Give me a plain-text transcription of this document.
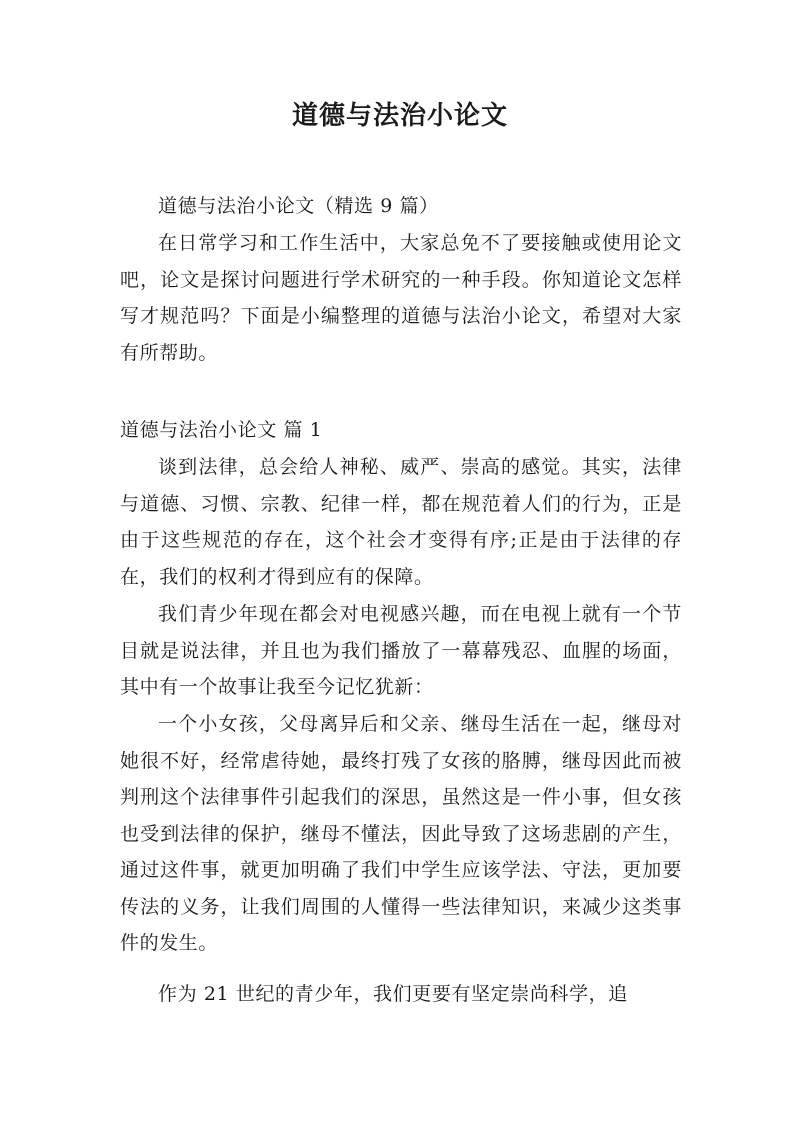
道德与法治小论文

道德与法治小论文（精选 9 篇）

在日常学习和工作生活中，大家总免不了要接触或使用论文吧，论文是探讨问题进行学术研究的一种手段。你知道论文怎样写才规范吗？下面是小编整理的道德与法治小论文，希望对大家有所帮助。

道德与法治小论文 篇 1

谈到法律，总会给人神秘、威严、崇高的感觉。其实，法律与道德、习惯、宗教、纪律一样，都在规范着人们的行为，正是由于这些规范的存在，这个社会才变得有序;正是由于法律的存在，我们的权利才得到应有的保障。

我们青少年现在都会对电视感兴趣，而在电视上就有一个节目就是说法律，并且也为我们播放了一幕幕残忍、血腥的场面，其中有一个故事让我至今记忆犹新：

一个小女孩，父母离异后和父亲、继母生活在一起，继母对她很不好，经常虐待她，最终打残了女孩的胳膊，继母因此而被判刑这个法律事件引起我们的深思，虽然这是一件小事，但女孩也受到法律的保护，继母不懂法，因此导致了这场悲剧的产生，通过这件事，就更加明确了我们中学生应该学法、守法，更加要传法的义务，让我们周围的人懂得一些法律知识，来减少这类事件的发生。

作为 21 世纪的青少年，我们更要有坚定崇尚科学，追
